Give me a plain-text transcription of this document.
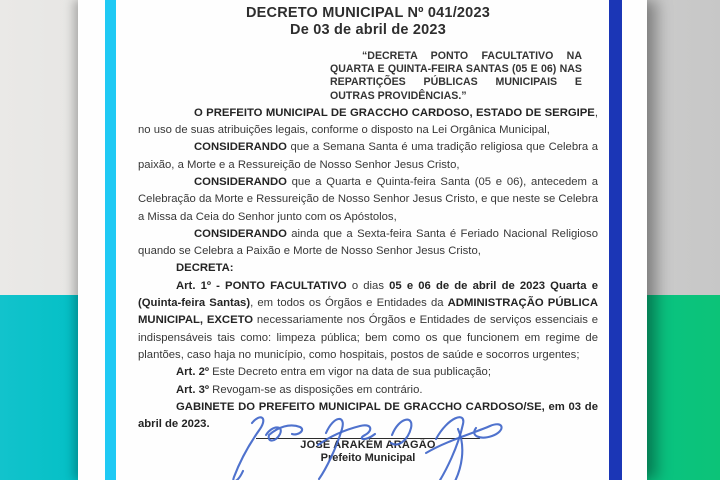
DECRETO MUNICIPAL Nº 041/2023
De 03 de abril de 2023
“DECRETA PONTO FACULTATIVO NA QUARTA E QUINTA-FEIRA SANTAS (05 E 06) NAS REPARTIÇÕES PÚBLICAS MUNICIPAIS E OUTRAS PROVIDÊNCIAS.”

O PREFEITO MUNICIPAL DE GRACCHO CARDOSO, ESTADO DE SERGIPE, no uso de suas atribuições legais, conforme o disposto na Lei Orgânica Municipal,

CONSIDERANDO que a Semana Santa é uma tradição religiosa que Celebra a paixão, a Morte e a Ressureição de Nosso Senhor Jesus Cristo,

CONSIDERANDO que a Quarta e Quinta-feira Santa (05 e 06), antecedem a Celebração da Morte e Ressureição de Nosso Senhor Jesus Cristo, e que neste se Celebra a Missa da Ceia do Senhor junto com os Apóstolos,

CONSIDERANDO ainda que a Sexta-feira Santa é Feriado Nacional Religioso quando se Celebra a Paixão e Morte de Nosso Senhor Jesus Cristo,

DECRETA:

Art. 1º - PONTO FACULTATIVO o dias 05 e 06 de de abril de 2023 Quarta e (Quinta-feira Santas), em todos os Órgãos e Entidades da ADMINISTRAÇÃO PÚBLICA MUNICIPAL, EXCETO necessariamente nos Órgãos e Entidades de serviços essenciais e indispensáveis tais como: limpeza pública; bem como os que funcionem em regime de plantões, caso haja no município, como hospitais, postos de saúde e socorros urgentes;

Art. 2º Este Decreto entra em vigor na data de sua publicação;

Art. 3º Revogam-se as disposições em contrário.

GABINETE DO PREFEITO MUNICIPAL DE GRACCHO CARDOSO/SE, em 03 de abril de 2023.

JOSÉ ARAKÉM ARAGÃO
Prefeito Municipal
